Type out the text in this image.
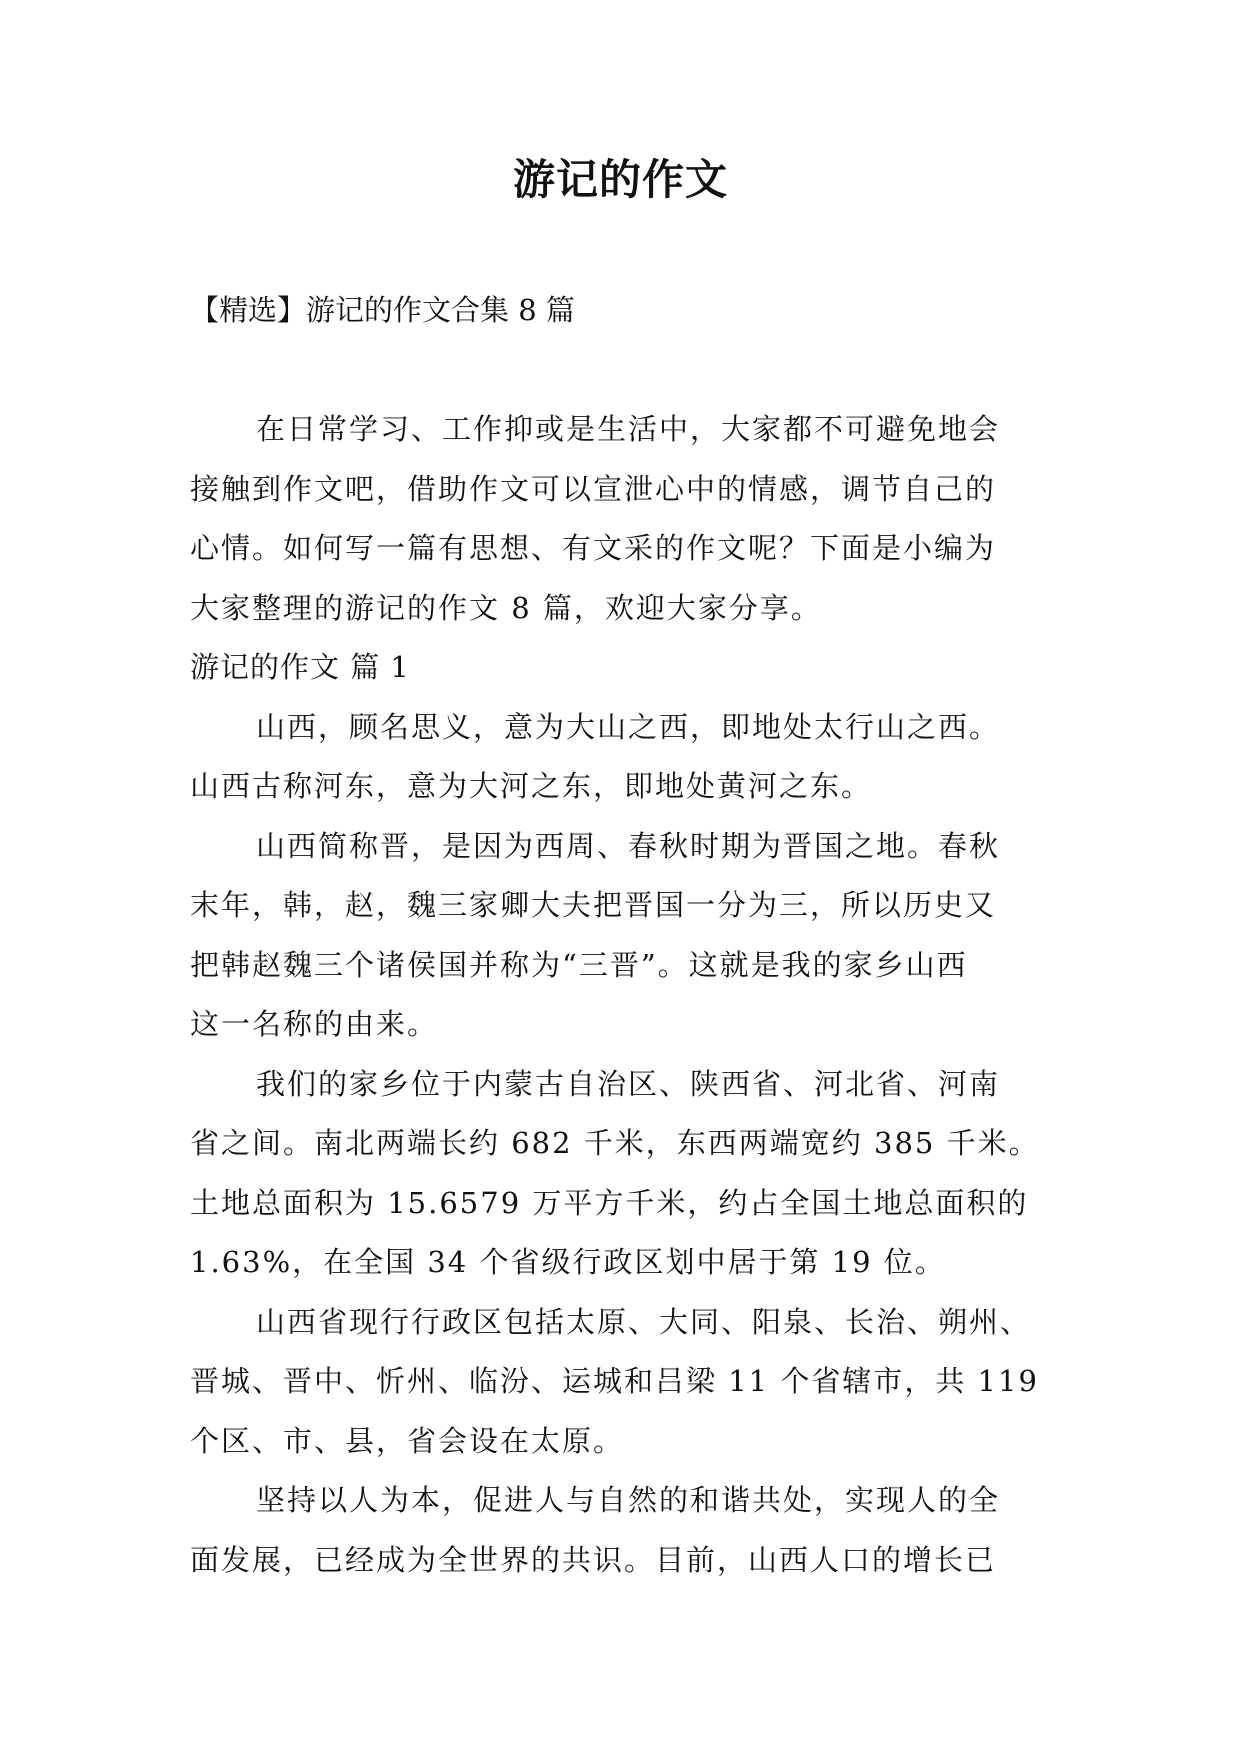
游记的作文
【精选】游记的作文合集 8 篇
在日常学习、工作抑或是生活中，大家都不可避免地会
接触到作文吧，借助作文可以宣泄心中的情感，调节自己的
心情。如何写一篇有思想、有文采的作文呢？下面是小编为
大家整理的游记的作文 8 篇，欢迎大家分享。
游记的作文 篇 1
山西，顾名思义，意为大山之西，即地处太行山之西。
山西古称河东，意为大河之东，即地处黄河之东。
山西简称晋，是因为西周、春秋时期为晋国之地。春秋
末年，韩，赵，魏三家卿大夫把晋国一分为三，所以历史又
把韩赵魏三个诸侯国并称为“三晋”。这就是我的家乡山西
这一名称的由来。
我们的家乡位于内蒙古自治区、陕西省、河北省、河南
省之间。南北两端长约 682 千米，东西两端宽约 385 千米。
土地总面积为 15.6579 万平方千米，约占全国土地总面积的
1.63%，在全国 34 个省级行政区划中居于第 19 位。
山西省现行行政区包括太原、大同、阳泉、长治、朔州、
晋城、晋中、忻州、临汾、运城和吕梁 11 个省辖市，共 119
个区、市、县，省会设在太原。
坚持以人为本，促进人与自然的和谐共处，实现人的全
面发展，已经成为全世界的共识。目前，山西人口的增长已
